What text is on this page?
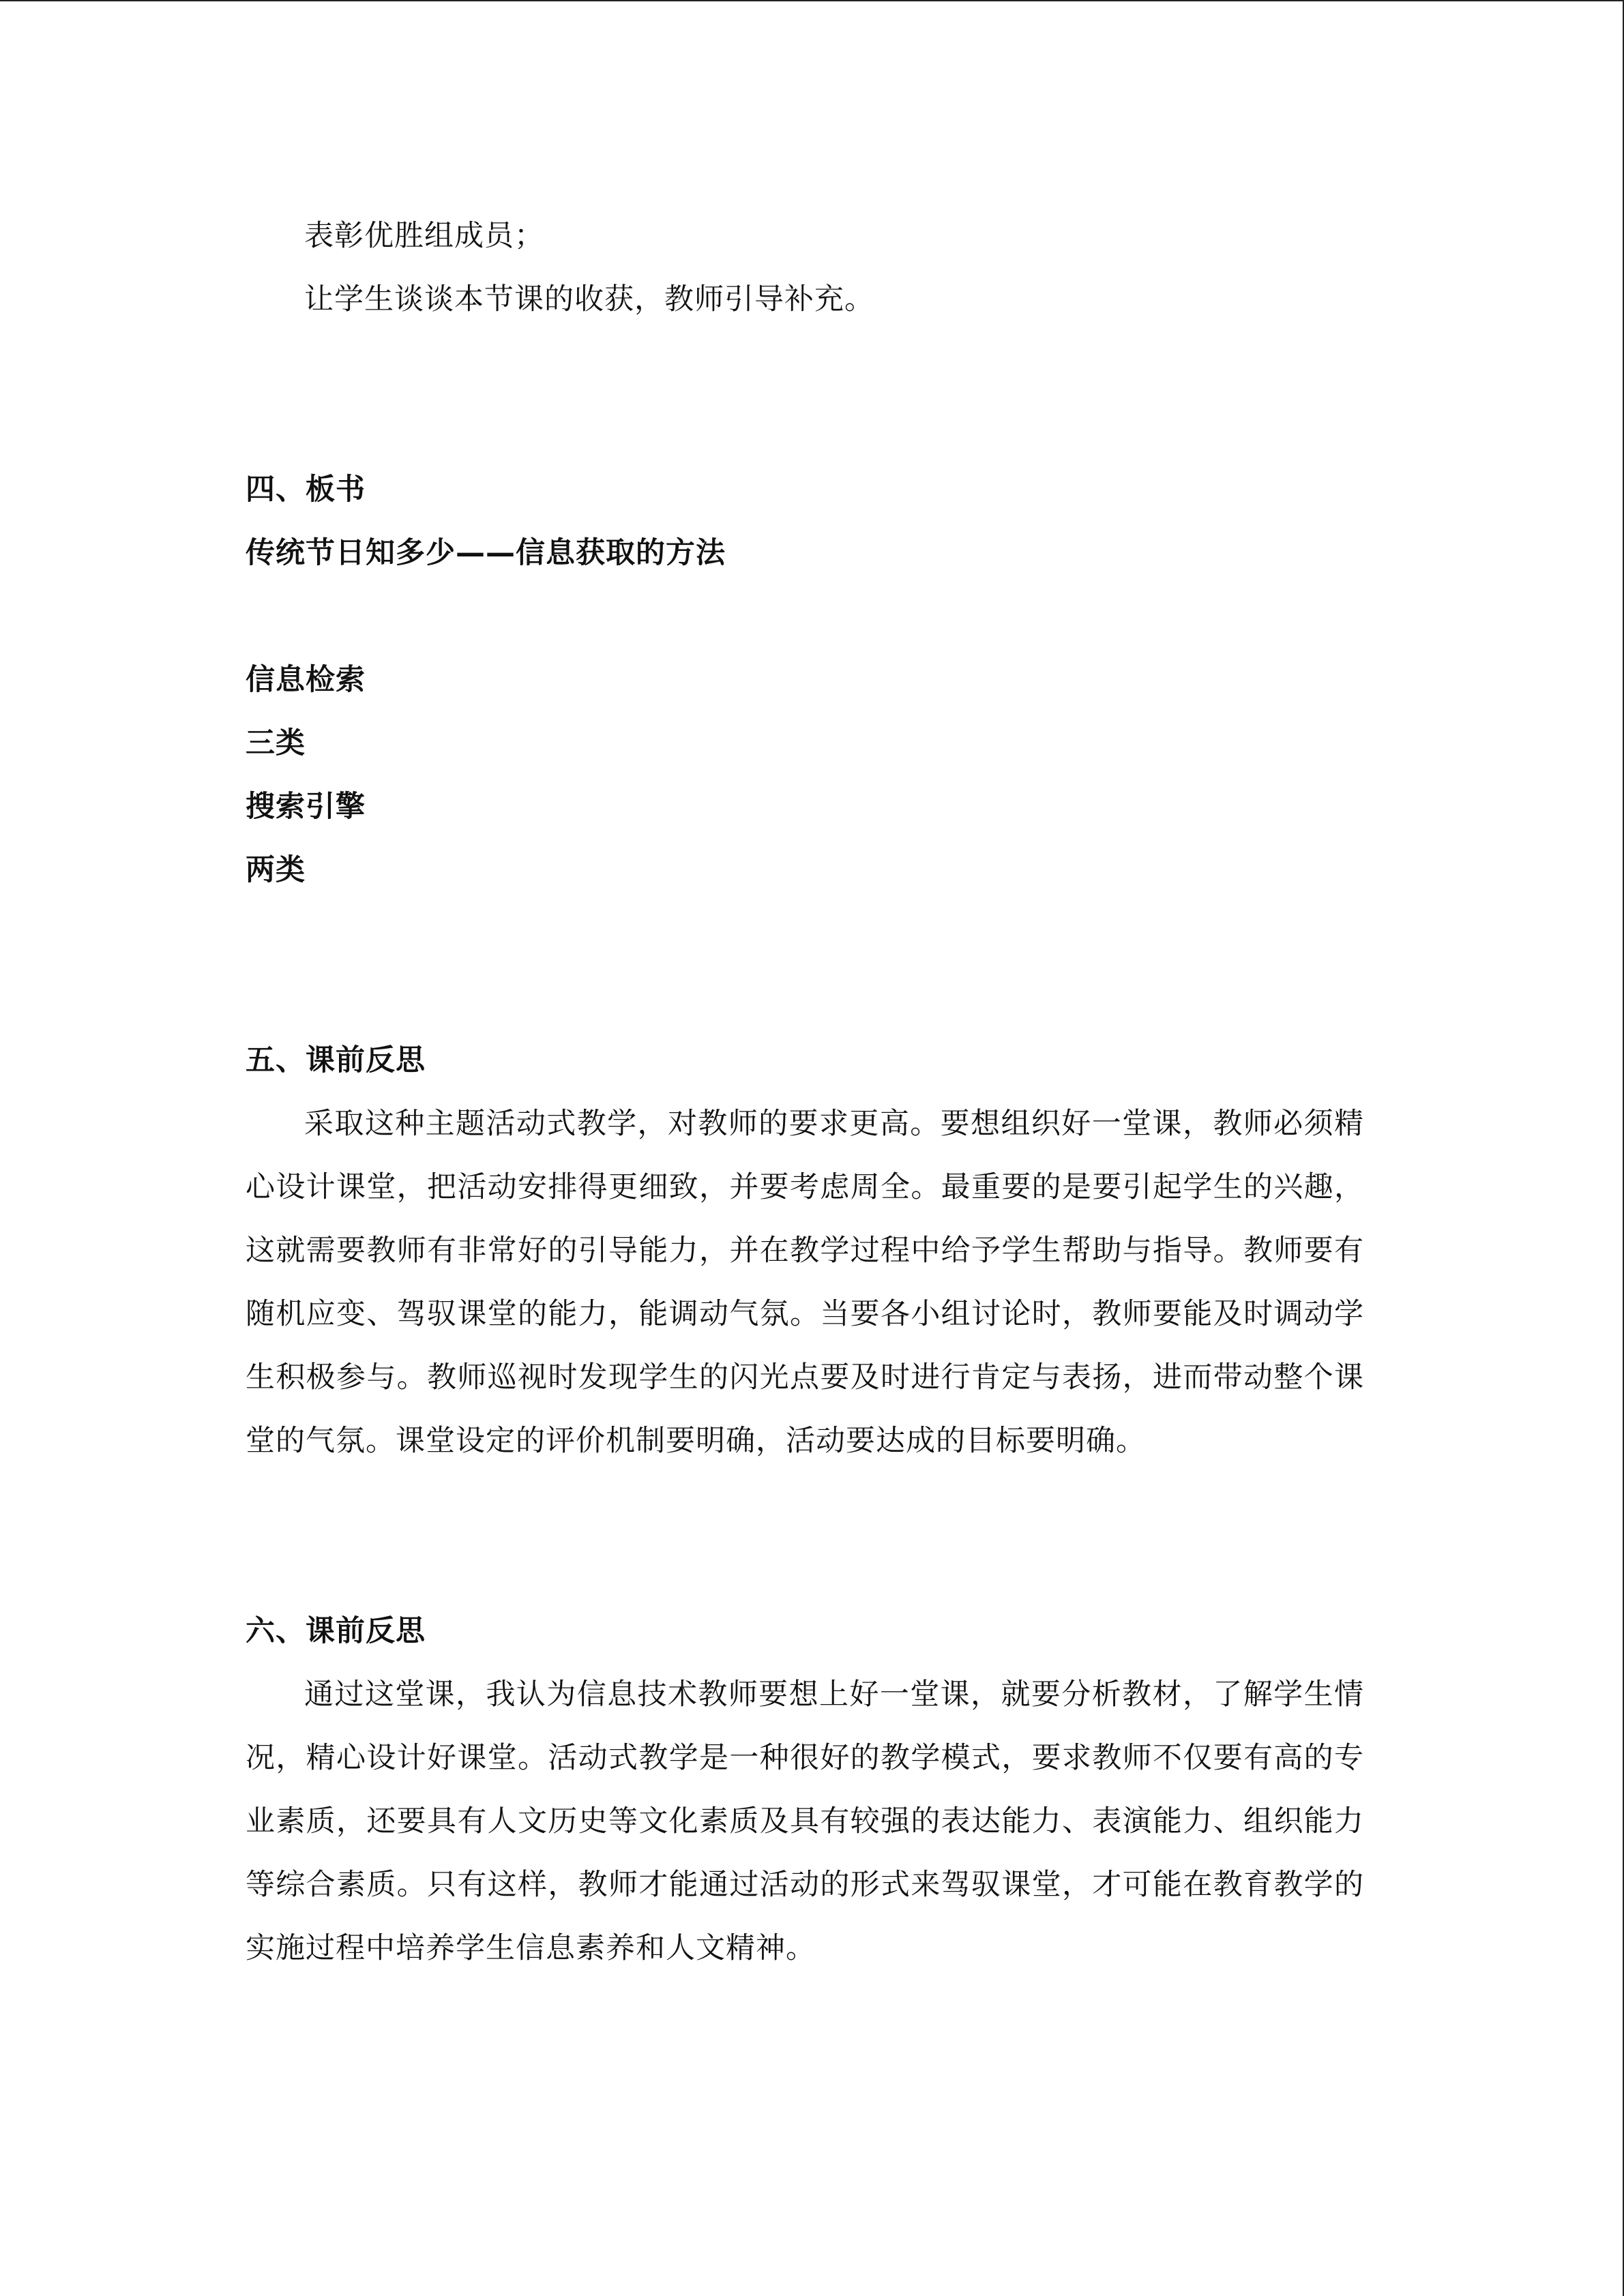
表彰优胜组成员；

让学生谈谈本节课的收获，教师引导补充。

四、板书

传统节日知多少——信息获取的方法

信息检索

三类

搜索引擎

两类

五、课前反思

采取这种主题活动式教学，对教师的要求更高。要想组织好一堂课，教师必须精心设计课堂，把活动安排得更细致，并要考虑周全。最重要的是要引起学生的兴趣，这就需要教师有非常好的引导能力，并在教学过程中给予学生帮助与指导。教师要有随机应变、驾驭课堂的能力，能调动气氛。当要各小组讨论时，教师要能及时调动学生积极参与。教师巡视时发现学生的闪光点要及时进行肯定与表扬，进而带动整个课堂的气氛。课堂设定的评价机制要明确，活动要达成的目标要明确。

六、课前反思

通过这堂课，我认为信息技术教师要想上好一堂课，就要分析教材，了解学生情况，精心设计好课堂。活动式教学是一种很好的教学模式，要求教师不仅要有高的专业素质，还要具有人文历史等文化素质及具有较强的表达能力、表演能力、组织能力等综合素质。只有这样，教师才能通过活动的形式来驾驭课堂，才可能在教育教学的实施过程中培养学生信息素养和人文精神。
